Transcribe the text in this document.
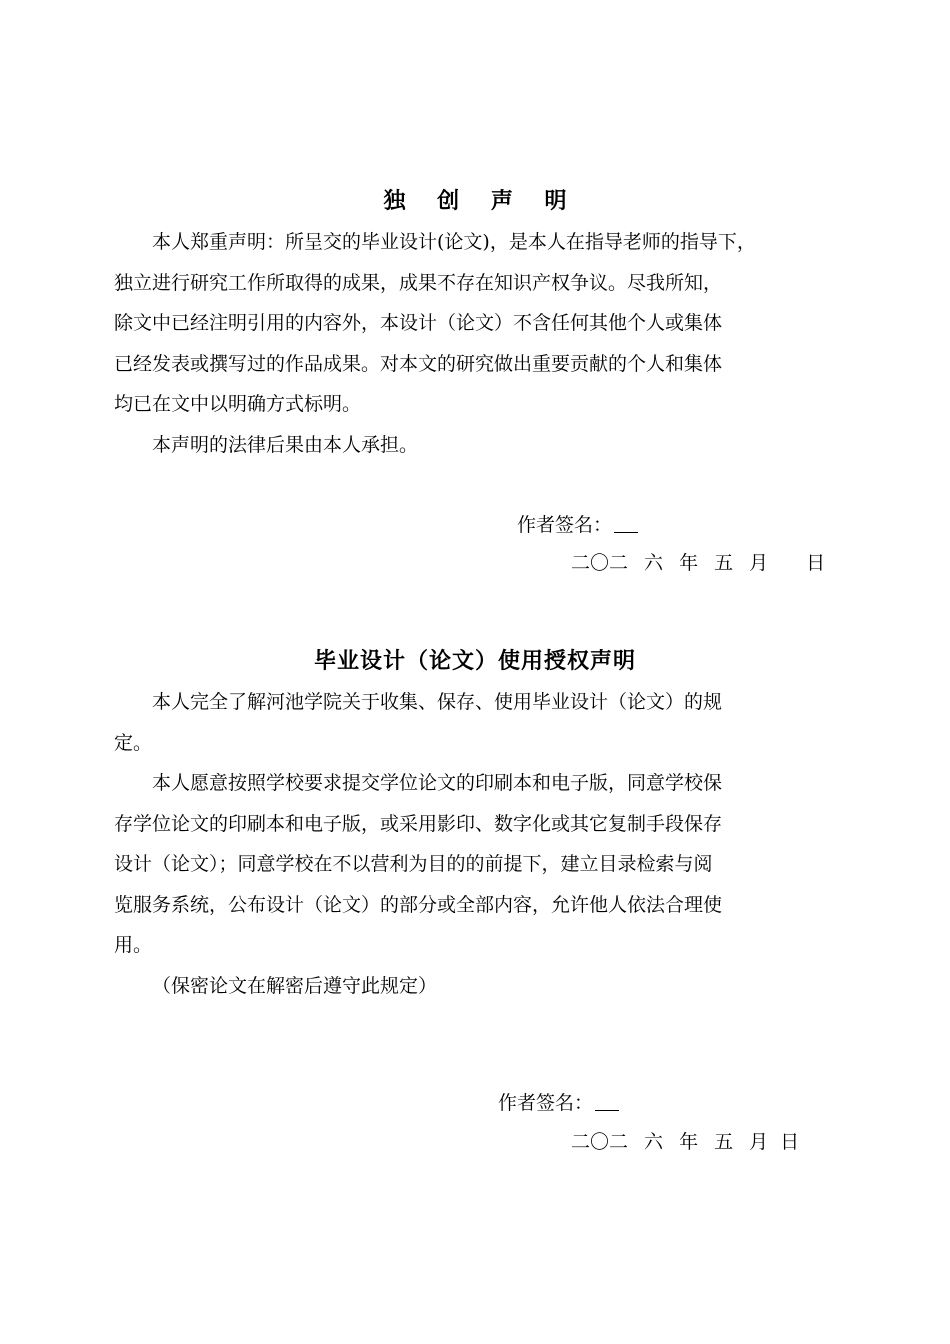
独 创 声 明

本人郑重声明：所呈交的毕业设计(论文)，是本人在指导老师的指导下，

独立进行研究工作所取得的成果，成果不存在知识产权争议。尽我所知，

除文中已经注明引用的内容外，本设计（论文）不含任何其他个人或集体

已经发表或撰写过的作品成果。对本文的研究做出重要贡献的个人和集体

均已在文中以明确方式标明。

本声明的法律后果由本人承担。

作者签名：
二〇二 六 年 五 月 日
毕业设计（论文）使用授权声明

本人完全了解河池学院关于收集、保存、使用毕业设计（论文）的规

定。

本人愿意按照学校要求提交学位论文的印刷本和电子版，同意学校保

存学位论文的印刷本和电子版，或采用影印、数字化或其它复制手段保存

设计（论文）；同意学校在不以营利为目的的前提下，建立目录检索与阅

览服务系统，公布设计（论文）的部分或全部内容，允许他人依法合理使

用。

（保密论文在解密后遵守此规定）

作者签名：
二〇二 六 年 五 月 日
